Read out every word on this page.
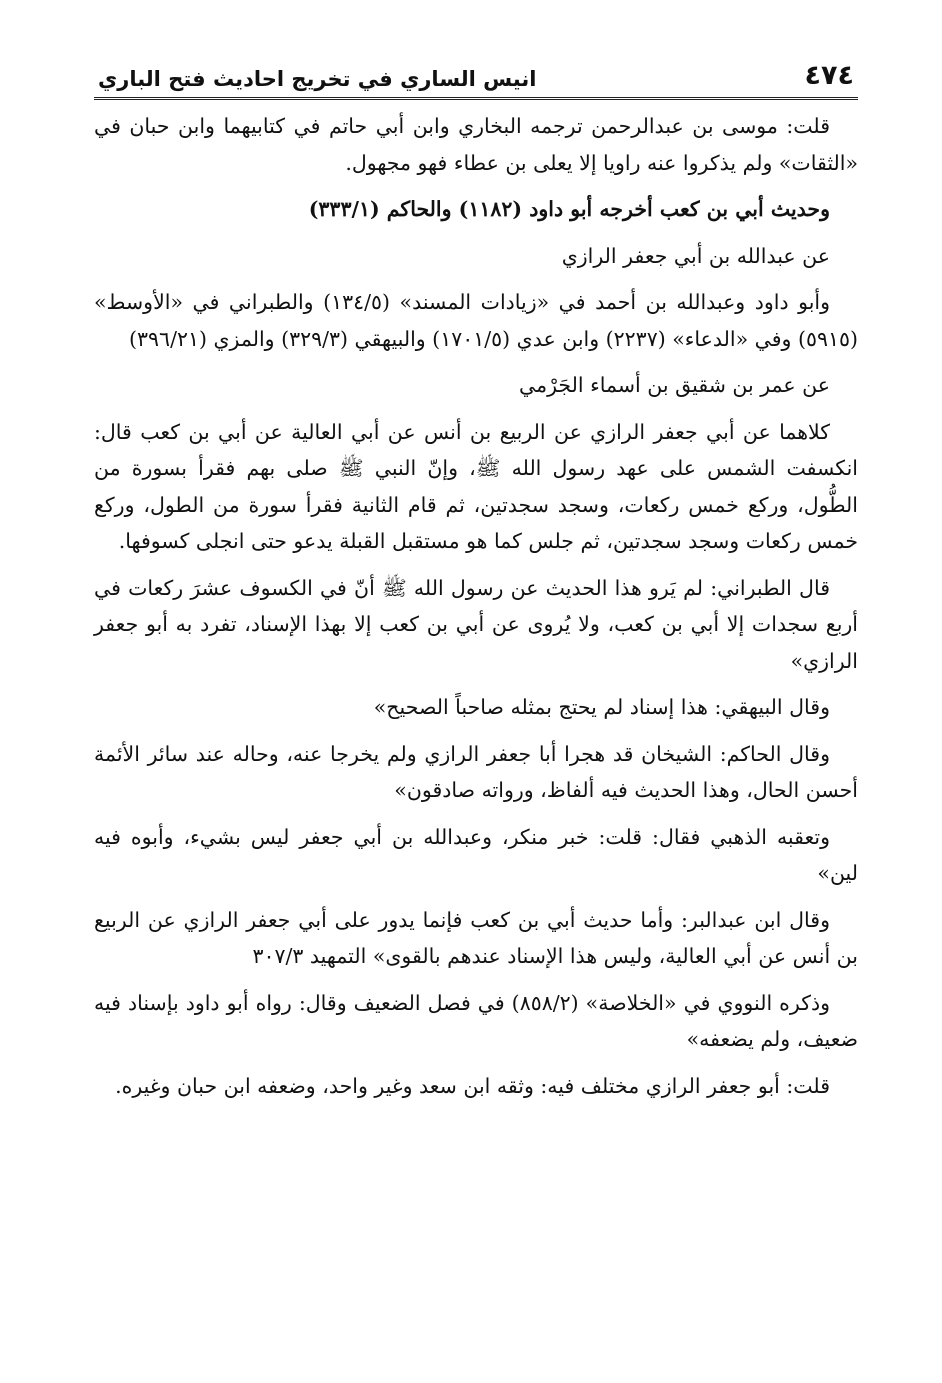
٤٧٤
انيس الساري في تخريج احاديث فتح الباري

قلت: موسى بن عبدالرحمن ترجمه البخاري وابن أبي حاتم في كتابيهما وابن حبان في «الثقات» ولم يذكروا عنه راويا إلا يعلى بن عطاء فهو مجهول.

وحديث أبي بن كعب أخرجه أبو داود (١١٨٢) والحاكم (٣٣٣/١)

عن عبدالله بن أبي جعفر الرازي

وأبو داود وعبدالله بن أحمد في «زيادات المسند» (١٣٤/٥) والطبراني في «الأوسط» (٥٩١٥) وفي «الدعاء» (٢٢٣٧) وابن عدي (١٧٠١/٥) والبيهقي (٣٢٩/٣) والمزي (٣٩٦/٢١)

عن عمر بن شقيق بن أسماء الجَرْمي

كلاهما عن أبي جعفر الرازي عن الربيع بن أنس عن أبي العالية عن أبي بن كعب قال: انكسفت الشمس على عهد رسول الله ﷺ، وإنّ النبي ﷺ صلى بهم فقرأ بسورة من الطُّول، وركع خمس ركعات، وسجد سجدتين، ثم قام الثانية فقرأ سورة من الطول، وركع خمس ركعات وسجد سجدتين، ثم جلس كما هو مستقبل القبلة يدعو حتى انجلى كسوفها.

قال الطبراني: لم يَرو هذا الحديث عن رسول الله ﷺ أنّ في الكسوف عشرَ ركعات في أربع سجدات إلا أبي بن كعب، ولا يُروى عن أبي بن كعب إلا بهذا الإسناد، تفرد به أبو جعفر الرازي»

وقال البيهقي: هذا إسناد لم يحتج بمثله صاحباً الصحيح»

وقال الحاكم: الشيخان قد هجرا أبا جعفر الرازي ولم يخرجا عنه، وحاله عند سائر الأئمة أحسن الحال، وهذا الحديث فيه ألفاظ، ورواته صادقون»

وتعقبه الذهبي فقال: قلت: خبر منكر، وعبدالله بن أبي جعفر ليس بشيء، وأبوه فيه لين»

وقال ابن عبدالبر: وأما حديث أبي بن كعب فإنما يدور على أبي جعفر الرازي عن الربيع بن أنس عن أبي العالية، وليس هذا الإسناد عندهم بالقوى» التمهيد ٣٠٧/٣

وذكره النووي في «الخلاصة» (٨٥٨/٢) في فصل الضعيف وقال: رواه أبو داود بإسناد فيه ضعيف، ولم يضعفه»

قلت: أبو جعفر الرازي مختلف فيه: وثقه ابن سعد وغير واحد، وضعفه ابن حبان وغيره.
